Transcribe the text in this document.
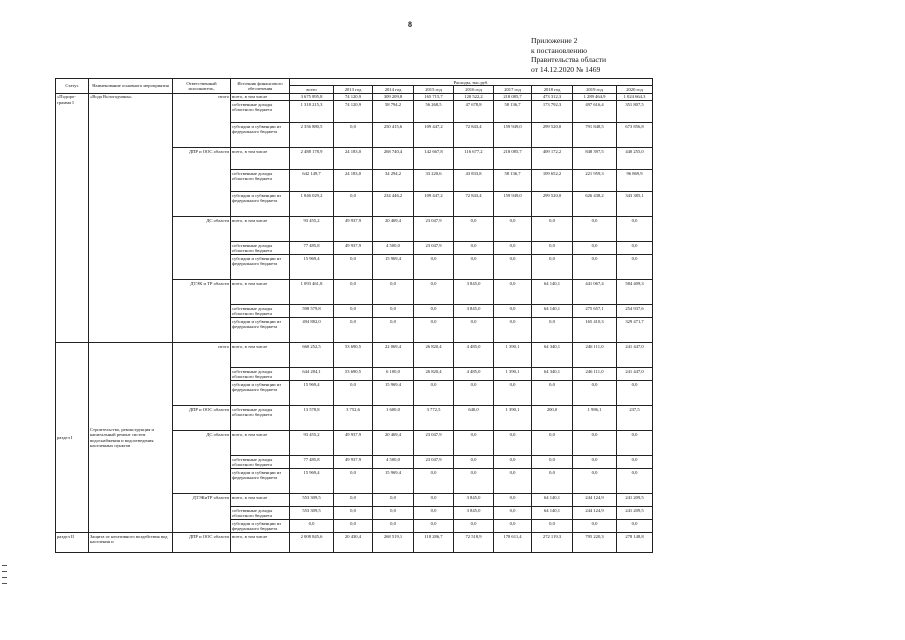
8
Приложение 2
к постановлению
Правительства области
от 14.12.2020 № 1469
Статус	Наименование основного мероприятия	Ответственный исполнитель,	Источник финансового обеспечения	Расходы, тыс.руб.								
				всего	2013 год	2014 год	2015 год	2016 год	2017 год	2018 год	2019 год	2020 год
«Подпро-грамма I	«Вода Вологодчины»	итого	всего, в том числе	3 675 895,8	74 120,9	309 209,8	165 715,7	120 522,2	218 085,7	473 312,3	1 289 464,9	1 024 664,3
			собственные доходы областного бюджета	1 318 215,3	74 120,9	58 794,2	56 268,5	47 678,8	58 136,7	173 792,3	497 616,4	351 807,5
			субсидии и субвенции из федерального бюджета	2 356 880,5	0,0	250 415,6	109 447,2	72 843,4	159 949,0	299 520,0	791 848,5	673 856,8
		ДПР и ООС области	всего, в том числе	2 488 178,9	24 183,0	268 740,4	142 667,8	116 677,2	218 085,7	409 172,2	848 397,5	440 255,0
			собственные доходы областного бюджета	642 149,7	24 183,0	34 294,2	33 220,6	43 833,8	58 136,7	109 652,2	221 959,3	96 869,9
			субсидии и субвенции из федерального бюджета	1 846 029,2	0,0	234 446,2	109 447,2	72 843,4	159 949,0	299 520,0	626 438,2	343 385,1
		ДС области	всего, в том числе	93 455,2	49 937,9	20 469,4	23 047,9	0,0	0,0	0,0	0,0	0,0
			собственные доходы областного бюджета	77 485,8	49 937,9	4 500,0	23 047,9	0,0	0,0	0,0	0,0	0,0
			субсидии и субвенции из федерального бюджета	15 969,4	0,0	15 969,4	0,0	0,0	0,0	0,0	0,0	0,0
		ДТЭК и ТР области	всего, в том числе	1 093 461,8	0,0	0,0	0,0	3 845,0	0,0	64 140,1	441 067,4	584 409,3
			собственные доходы областного бюджета	598 579,8	0,0	0,0	0,0	3 845,0	0,0	64 140,1	275 657,1	254 937,6
			субсидии и субвенции из федерального бюджета	494 882,0	0,0	0,0	0,0	0,0	0,0	0,0	165 410,3	329 471,7
раздел I	Строительство, реконструкция и капитальный ремонт систем водоснабжения и водоотведения населенных пунктов	итого	всего, в том числе	660 252,5	53 690,5	22 069,4	26 820,4	4 485,0	1 390,1	64 340,1	246 111,0	241 447,0
			собственные доходы областного бюджета	644 284,1	53 690,5	6 100,0	26 820,4	4 485,0	1 390,1	64 340,1	246 111,0	241 447,0
			субсидии и субвенции из федерального бюджета	15 969,4	0,0	15 969,4	0,0	0,0	0,0	0,0	0,0	0,0
		ДПР и ООС области	собственные доходы областного бюджета	13 578,8	3 752,6	1 600,0	3 772,5	640,0	1 390,1	200,0	1 986,1	237,5
		ДС области	всего, в том числе	93 455,2	49 937,9	20 469,4	23 047,9	0,0	0,0	0,0	0,0	0,0
			собственные доходы областного бюджета	77 485,8	49 937,9	4 500,0	23 047,9	0,0	0,0	0,0	0,0	0,0
			субсидии и субвенции из федерального бюджета	15 969,4	0,0	15 969,4	0,0	0,0	0,0	0,0	0,0	0,0
		ДТЭКиТР области	всего, в том числе	553 309,5	0,0	0,0	0,0	3 845,0	0,0	64 140,1	244 124,9	241 209,5
			собственные доходы областного бюджета	553 309,5	0,0	0,0	0,0	3 845,0	0,0	64 140,1	244 124,9	241 209,5
			субсидии и субвенции из федерального бюджета	0,0	0,0	0,0	0,0	0,0	0,0	0,0	0,0	0,0
раздел II	Защита от негативного воздействия вод населения и	ДПР и ООС области	всего, в том числе	2 008 845,6	20 430,4	268 519,1	118 286,7	72 518,9	178 611,4	272 119,3	795 220,3	278 148,8
